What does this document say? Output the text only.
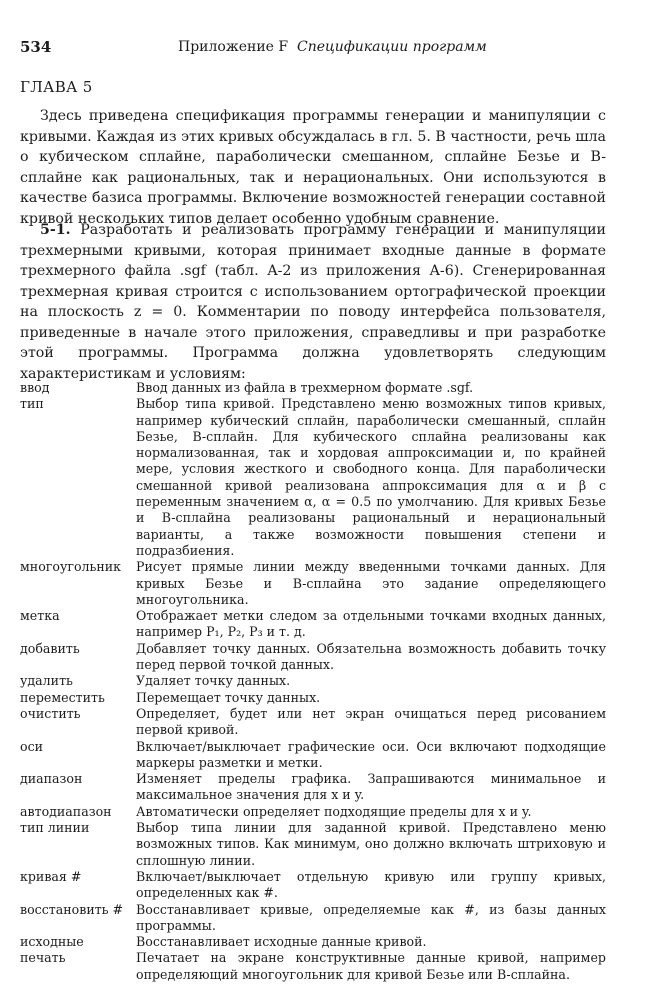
534	Приложение F Спецификации программ
ГЛАВА 5

Здесь приведена спецификация программы генерации и манипуляции с кривыми. Каждая из этих кривых обсуждалась в гл. 5. В частности, речь шла о кубическом сплайне, параболически смешанном, сплайне Безье и B-сплайне как рациональных, так и нерациональных. Они используются в качестве базиса программы. Включение возможностей генерации составной кривой нескольких типов делает особенно удобным сравнение.

5-1. Разработать и реализовать программу генерации и манипуляции трехмерными кривыми, которая принимает входные данные в формате трехмерного файла .sgf (табл. A-2 из приложения A-6). Сгенерированная трехмерная кривая строится с использованием ортографической проекции на плоскость z = 0. Комментарии по поводу интерфейса пользователя, приведенные в начале этого приложения, справедливы и при разработке этой программы. Программа должна удовлетворять следующим характеристикам и условиям:

ввод	Ввод данных из файла в трехмерном формате .sgf.
тип	Выбор типа кривой. Представлено меню возможных типов кривых, например кубический сплайн, параболически смешанный, сплайн Безье, B-сплайн. Для кубического сплайна реализованы как нормализованная, так и хордовая аппроксимации и, по крайней мере, условия жесткого и свободного конца. Для параболически смешанной кривой реализована аппроксимация для α и β с переменным значением α, α = 0.5 по умолчанию. Для кривых Безье и B-сплайна реализованы рациональный и нерациональный варианты, а также возможности повышения степени и подразбиения.
многоугольник	Рисует прямые линии между введенными точками данных. Для кривых Безье и B-сплайна это задание определяющего многоугольника.
метка	Отображает метки следом за отдельными точками входных данных, например P₁, P₂, P₃ и т. д.
добавить	Добавляет точку данных. Обязательна возможность добавить точку перед первой точкой данных.
удалить	Удаляет точку данных.
переместить	Перемещает точку данных.
очистить	Определяет, будет или нет экран очищаться перед рисованием первой кривой.
оси	Включает/выключает графические оси. Оси включают подходящие маркеры разметки и метки.
диапазон	Изменяет пределы графика. Запрашиваются минимальное и максимальное значения для x и y.
автодиапазон	Автоматически определяет подходящие пределы для x и y.
тип линии	Выбор типа линии для заданной кривой. Представлено меню возможных типов. Как минимум, оно должно включать штриховую и сплошную линии.
кривая #	Включает/выключает отдельную кривую или группу кривых, определенных как #.
восстановить #	Восстанавливает кривые, определяемые как #, из базы данных программы.
исходные	Восстанавливает исходные данные кривой.
печать	Печатает на экране конструктивные данные кривой, например определяющий многоугольник для кривой Безье или B-сплайна.
